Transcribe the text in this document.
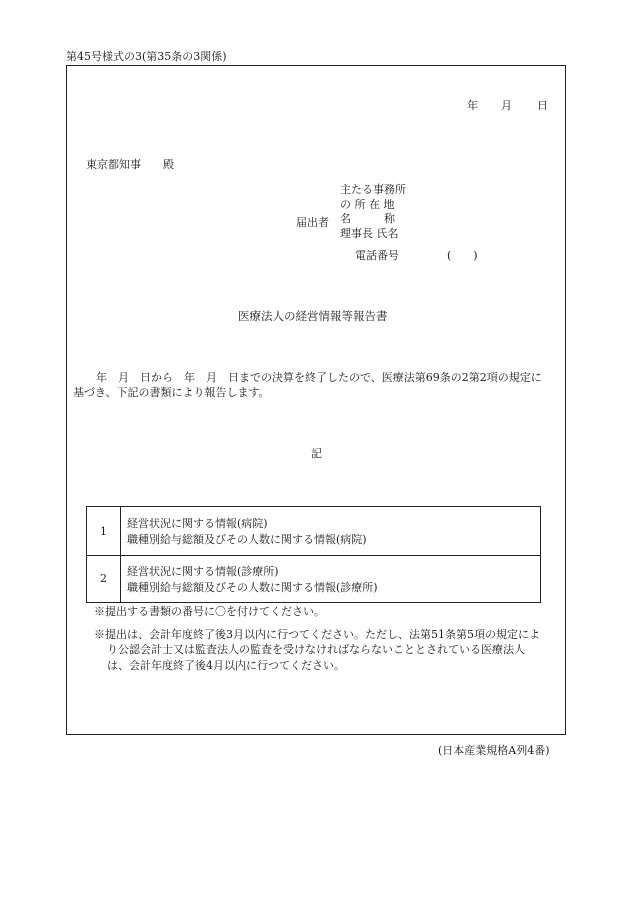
第45号様式の3(第35条の3関係)
年 月 日
東京都知事　　殿
届出者
主たる事務所
の 所 在 地
名　　　称
理事長 氏名
電話番号	(　　)
医療法人の経営情報等報告書
年　月　日から　年　月　日までの決算を終了したので、医療法第69条の2第2項の規定に
基づき、下記の書類により報告します。
記
1
経営状況に関する情報(病院)
職種別給与総額及びその人数に関する情報(病院)
2
経営状況に関する情報(診療所)
職種別給与総額及びその人数に関する情報(診療所)
※提出する書類の番号に〇を付けてください。
※提出は、会計年度終了後3月以内に行つてください。ただし、法第51条第5項の規定によ
り公認会計士又は監査法人の監査を受けなければならないこととされている医療法人
は、会計年度終了後4月以内に行つてください。
(日本産業規格A列4番)
